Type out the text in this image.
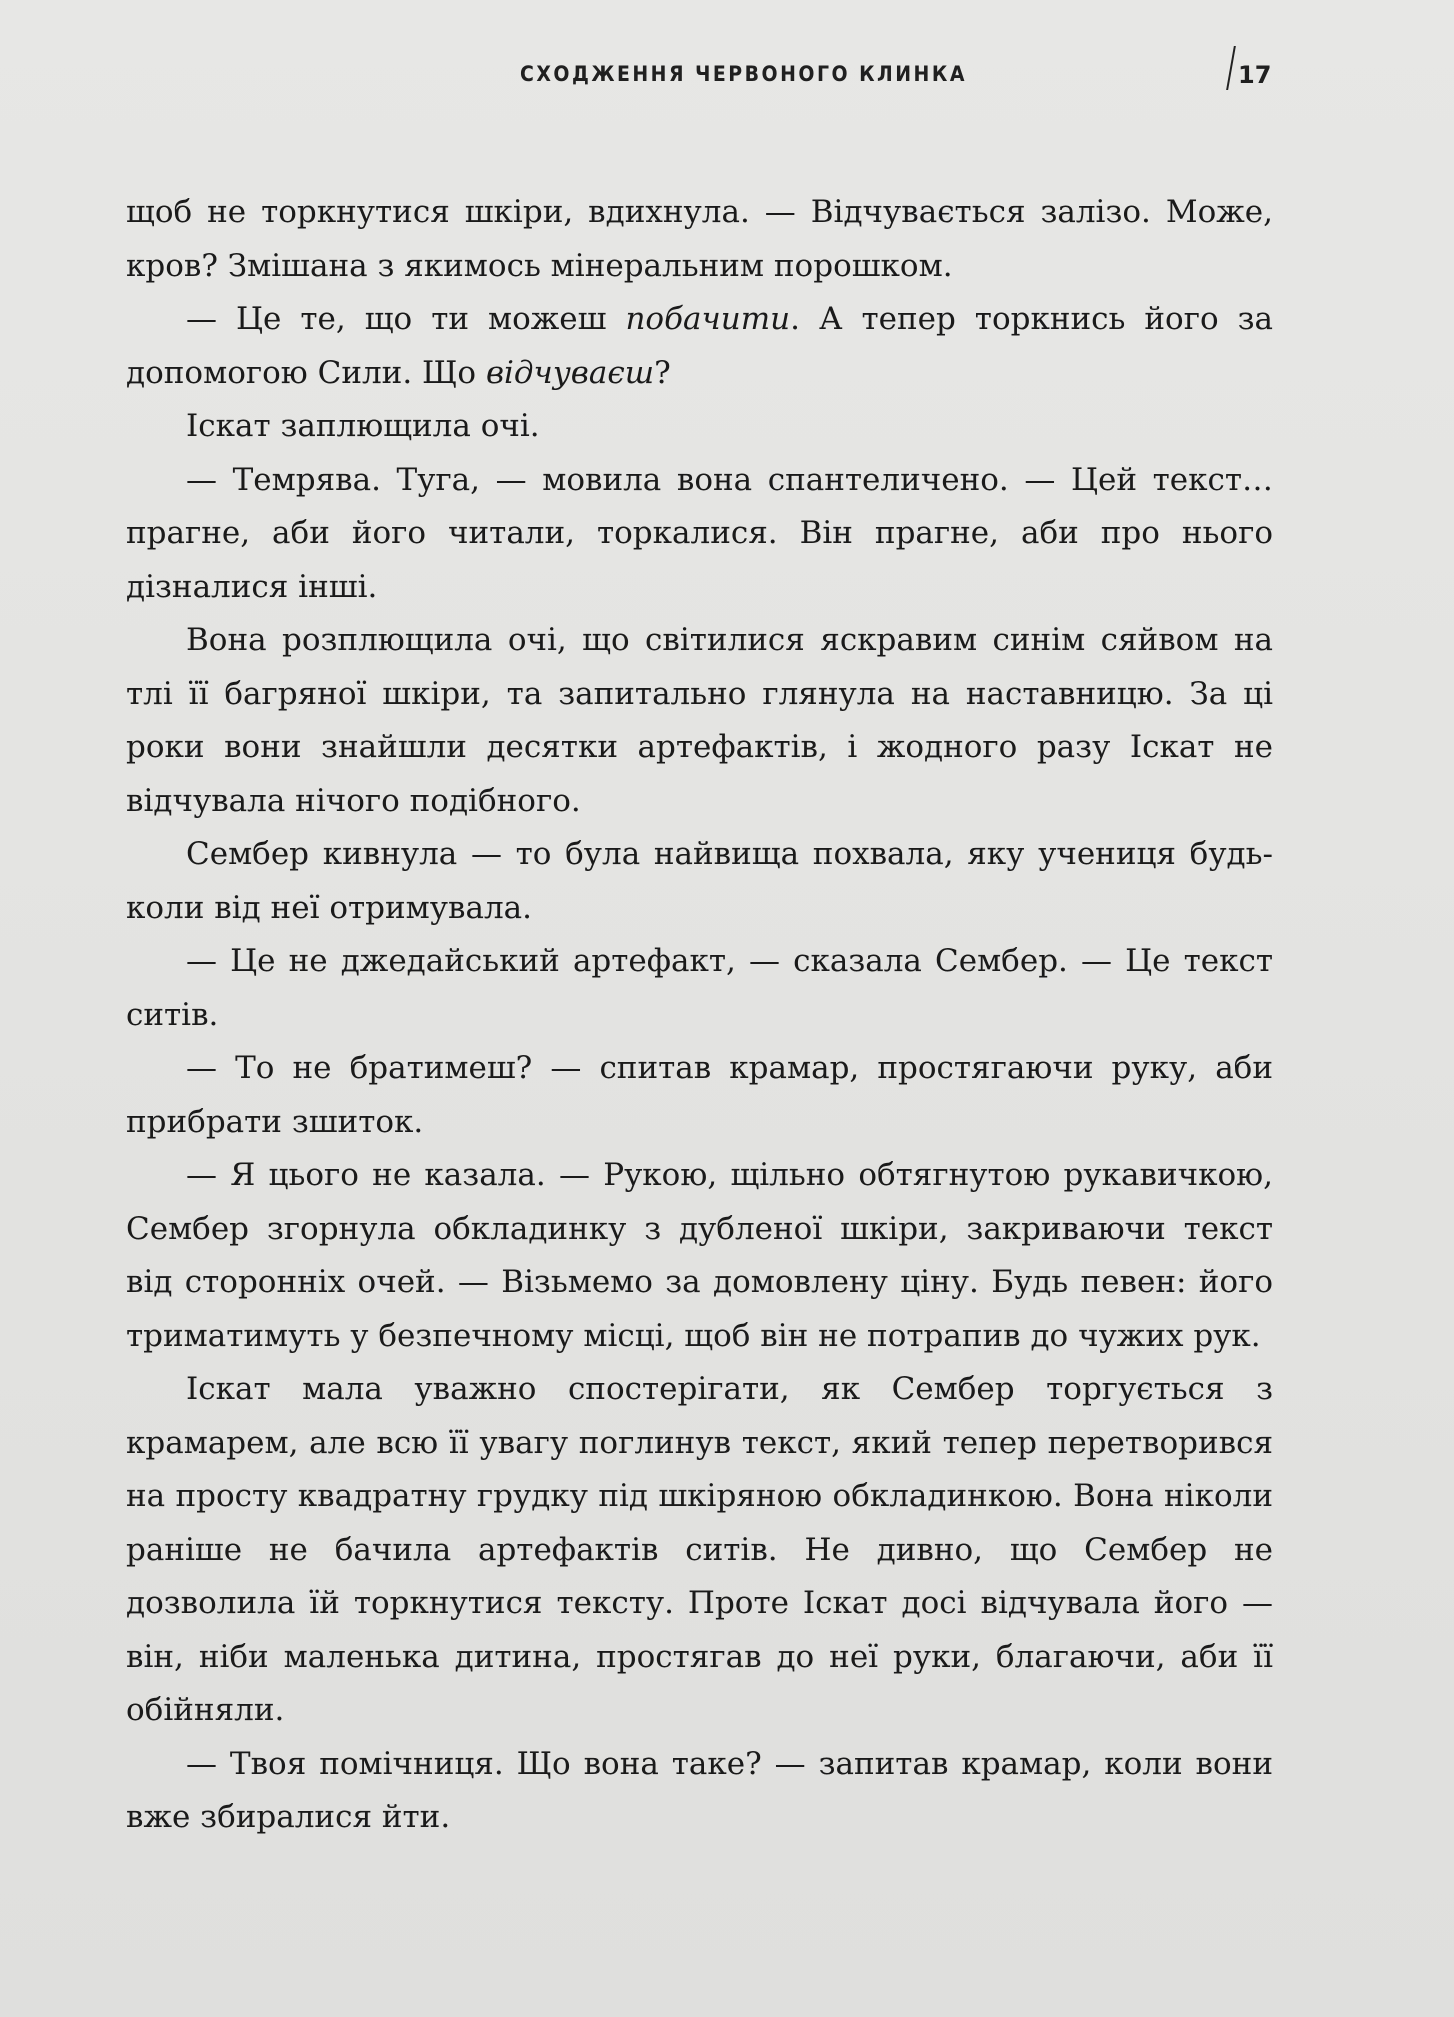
СХОДЖЕННЯ ЧЕРВОНОГО КЛИНКА	17

щоб не торкнутися шкіри, вдихнула. — Відчувається залізо. Може, кров? Змішана з якимось мінеральним порошком.

— Це те, що ти можеш побачити. А тепер торкнись його за допомогою Сили. Що відчуваєш?

Іскат заплющила очі.

— Темрява. Туга, — мовила вона спантеличено. — Цей текст… прагне, аби його читали, торкалися. Він прагне, аби про нього дізналися інші.

Вона розплющила очі, що світилися яскравим синім сяйвом на тлі її багряної шкіри, та запитально глянула на наставницю. За ці роки вони знайшли десятки артефактів, і жодного разу Іскат не відчувала нічого подібного.

Сембер кивнула — то була найвища похвала, яку учениця будь-коли від неї отримувала.

— Це не джедайський артефакт, — сказала Сембер. — Це текст ситів.

— То не братимеш? — спитав крамар, простягаючи руку, аби прибрати зшиток.

— Я цього не казала. — Рукою, щільно обтягнутою рукавичкою, Сембер згорнула обкладинку з дубленої шкіри, закриваючи текст від сторонніх очей. — Візьмемо за домовлену ціну. Будь певен: його триматимуть у безпечному місці, щоб він не потрапив до чужих рук.

Іскат мала уважно спостерігати, як Сембер торгується з крамарем, але всю її увагу поглинув текст, який тепер перетворився на просту квадратну грудку під шкіряною обкладинкою. Вона ніколи раніше не бачила артефактів ситів. Не дивно, що Сембер не дозволила їй торкнутися тексту. Проте Іскат досі відчувала його — він, ніби маленька дитина, простягав до неї руки, благаючи, аби її обійняли.

— Твоя помічниця. Що вона таке? — запитав крамар, коли вони вже збиралися йти.
